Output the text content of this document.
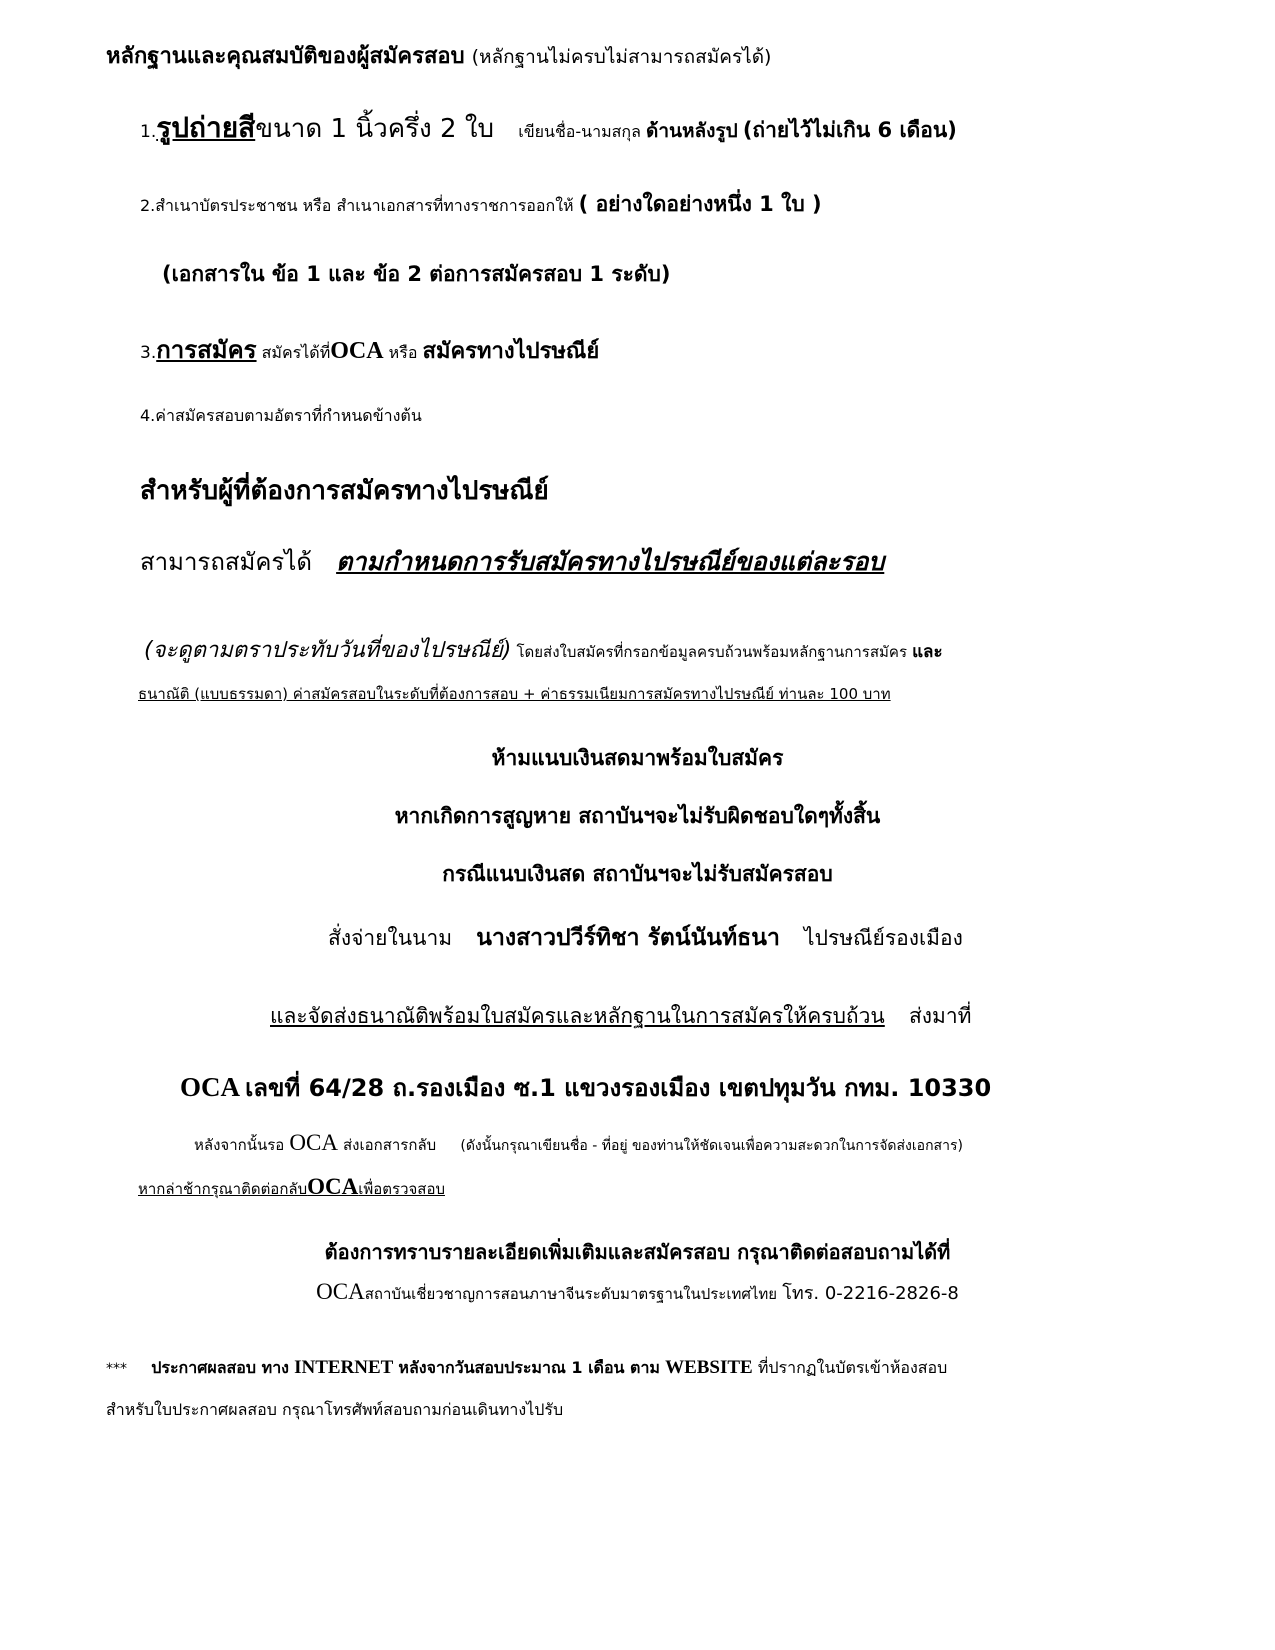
หลักฐานและคุณสมบัติของผู้สมัครสอบ (หลักฐานไม่ครบไม่สามารถสมัครได้)
1.รูปถ่ายสีขนาด 1 นิ้วครึ่ง 2 ใบ เขียนชื่อ-นามสกุล ด้านหลังรูป (ถ่ายไว้ไม่เกิน 6 เดือน)
2.สำเนาบัตรประชาชน หรือ สำเนาเอกสารที่ทางราชการออกให้ ( อย่างใดอย่างหนึ่ง 1 ใบ )
(เอกสารใน ข้อ 1 และ ข้อ 2 ต่อการสมัครสอบ 1 ระดับ)
3.การสมัคร สมัครได้ที่OCA หรือ สมัครทางไปรษณีย์
4.ค่าสมัครสอบตามอัตราที่กำหนดข้างต้น
สำหรับผู้ที่ต้องการสมัครทางไปรษณีย์
สามารถสมัครได้ ตามกำหนดการรับสมัครทางไปรษณีย์ของแต่ละรอบ
(จะดูตามตราประทับวันที่ของไปรษณีย์) โดยส่งใบสมัครที่กรอกข้อมูลครบถ้วนพร้อมหลักฐานการสมัคร และ
ธนาณัติ (แบบธรรมดา) ค่าสมัครสอบในระดับที่ต้องการสอบ + ค่าธรรมเนียมการสมัครทางไปรษณีย์ ท่านละ 100 บาท
ห้ามแนบเงินสดมาพร้อมใบสมัคร
หากเกิดการสูญหาย สถาบันฯจะไม่รับผิดชอบใดๆทั้งสิ้น
กรณีแนบเงินสด สถาบันฯจะไม่รับสมัครสอบ
สั่งจ่ายในนาม นางสาวปวีร์ทิชา รัตน์นันท์ธนา ไปรษณีย์รองเมือง
และจัดส่งธนาณัติพร้อมใบสมัครและหลักฐานในการสมัครให้ครบถ้วน ส่งมาที่
OCA เลขที่ 64/28 ถ.รองเมือง ซ.1 แขวงรองเมือง เขตปทุมวัน กทม. 10330
หลังจากนั้นรอ OCA ส่งเอกสารกลับ (ดังนั้นกรุณาเขียนชื่อ - ที่อยู่ ของท่านให้ชัดเจนเพื่อความสะดวกในการจัดส่งเอกสาร)
หากล่าช้ากรุณาติดต่อกลับOCAเพื่อตรวจสอบ
ต้องการทราบรายละเอียดเพิ่มเติมและสมัครสอบ กรุณาติดต่อสอบถามได้ที่
OCAสถาบันเชี่ยวชาญการสอนภาษาจีนระดับมาตรฐานในประเทศไทย โทร. 0-2216-2826-8
*** ประกาศผลสอบ ทาง INTERNET หลังจากวันสอบประมาณ 1 เดือน ตาม WEBSITE ที่ปรากฏในบัตรเข้าห้องสอบ
สำหรับใบประกาศผลสอบ กรุณาโทรศัพท์สอบถามก่อนเดินทางไปรับ
